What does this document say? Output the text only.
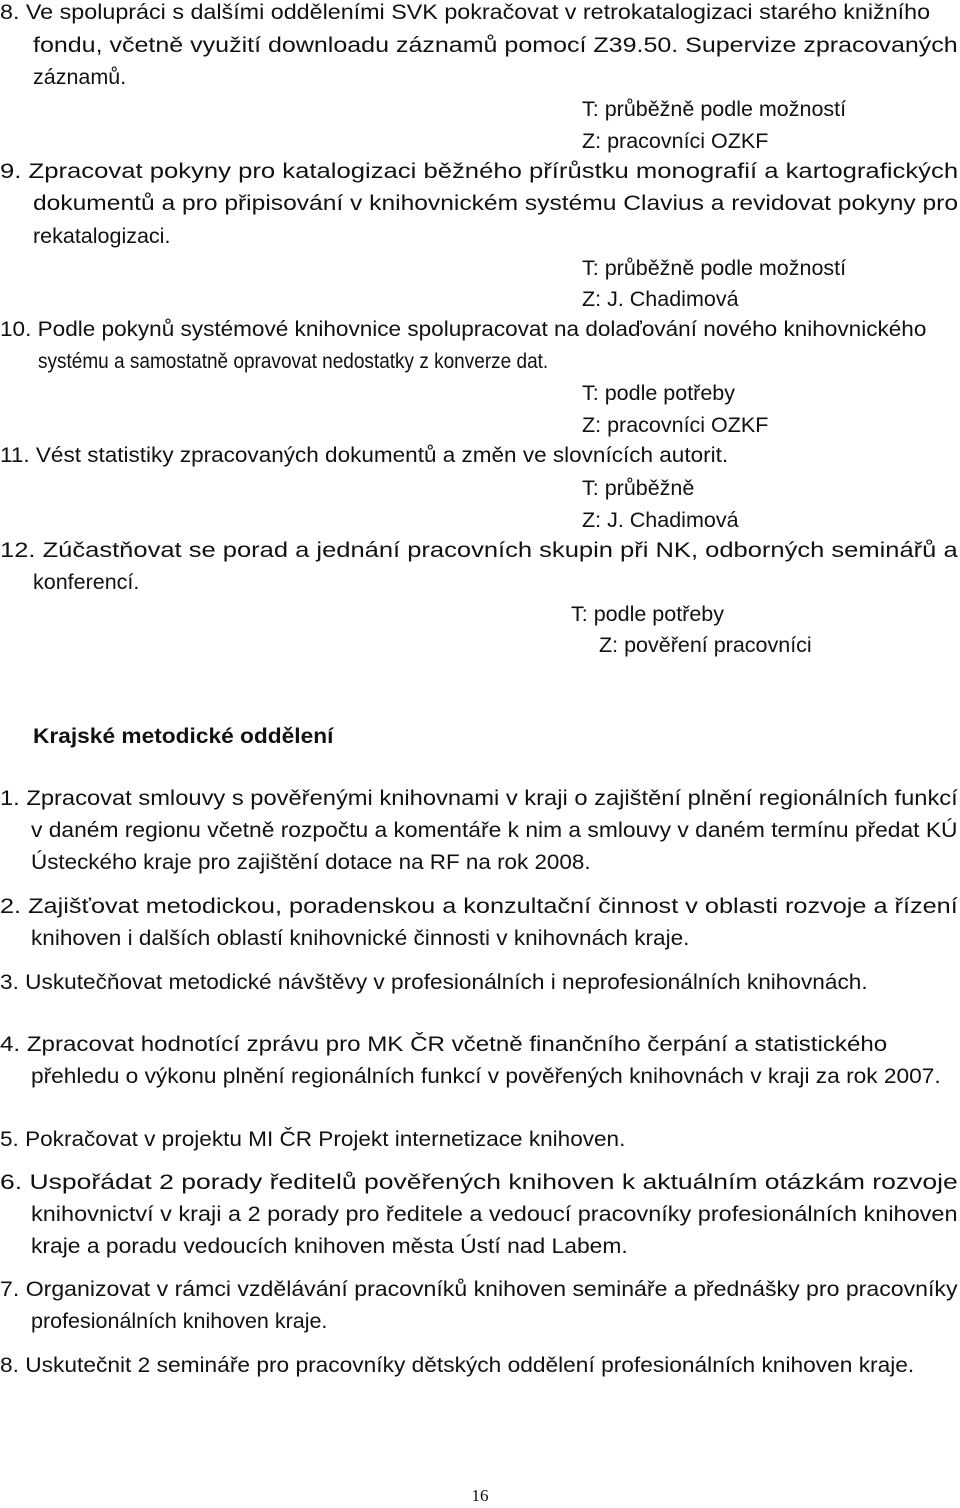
8. Ve spolupráci s dalšími odděleními SVK pokračovat v retrokatalogizaci starého knižního
fondu, včetně využití downloadu záznamů pomocí Z39.50. Supervize zpracovaných
záznamů.
T: průběžně podle možností
Z: pracovníci OZKF
9. Zpracovat pokyny pro katalogizaci běžného přírůstku monografií a kartografických
dokumentů a pro připisování v knihovnickém systému Clavius a revidovat pokyny pro
rekatalogizaci.
T: průběžně podle možností
Z: J. Chadimová
10. Podle pokynů systémové knihovnice spolupracovat na dolaďování nového knihovnického
systému a samostatně opravovat nedostatky z konverze dat.
T: podle potřeby
Z: pracovníci OZKF
11. Vést statistiky zpracovaných dokumentů a změn ve slovnících autorit.
T: průběžně
Z: J. Chadimová
12. Zúčastňovat se porad a jednání pracovních skupin při NK, odborných seminářů a
konferencí.
T: podle potřeby
Z: pověření pracovníci
Krajské metodické oddělení
1. Zpracovat smlouvy s pověřenými knihovnami v kraji o zajištění plnění regionálních funkcí
v daném regionu včetně rozpočtu a komentáře k nim a smlouvy v daném termínu předat KÚ
Ústeckého kraje pro zajištění dotace na RF na rok 2008.
2. Zajišťovat metodickou, poradenskou a konzultační činnost v oblasti rozvoje a řízení
knihoven i dalších oblastí knihovnické činnosti v knihovnách kraje.
3. Uskutečňovat metodické návštěvy v profesionálních i neprofesionálních knihovnách.
4. Zpracovat hodnotící zprávu pro MK ČR včetně finančního čerpání a statistického
přehledu o výkonu plnění regionálních funkcí v pověřených knihovnách v kraji za rok 2007.
5. Pokračovat v projektu MI ČR Projekt internetizace knihoven.
6. Uspořádat 2 porady ředitelů pověřených knihoven k aktuálním otázkám rozvoje
knihovnictví v kraji a 2 porady pro ředitele a vedoucí pracovníky profesionálních knihoven
kraje a poradu vedoucích knihoven města Ústí nad Labem.
7. Organizovat v rámci vzdělávání pracovníků knihoven semináře a přednášky pro pracovníky
profesionálních knihoven kraje.
8. Uskutečnit 2 semináře pro pracovníky dětských oddělení profesionálních knihoven kraje.
16
